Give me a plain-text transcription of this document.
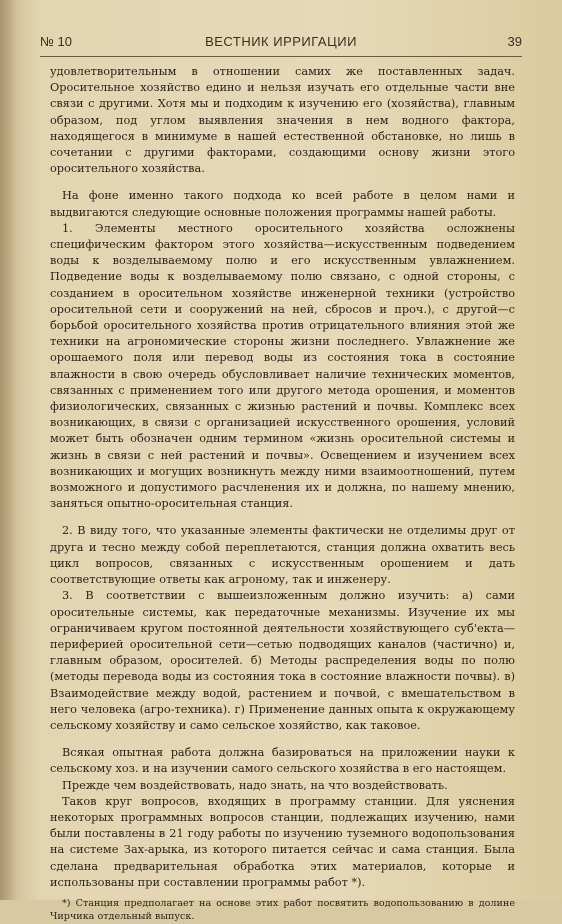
№ 10	ВЕСТНИК ИРРИГАЦИИ	39

удовлетворительным в отношении самих же поставленных задач. Оросительное хозяйство едино и нельзя изучать его отдельные части вне связи с другими. Хотя мы и подходим к изучению его (хозяйства), главным образом, под углом выявления значения в нем водного фактора, находящегося в минимуме в нашей естественной обстановке, но лишь в сочетании с другими факторами, создающими основу жизни этого оросительного хозяйства.

На фоне именно такого подхода ко всей работе в целом нами и выдвигаются следующие основные положения программы нашей работы.

1. Элементы местного оросительного хозяйства осложнены специфическим фактором этого хозяйства—искусственным подведением воды к возделываемому полю и его искусственным увлажнением. Подведение воды к возделываемому полю связано, с одной стороны, с созданием в оросительном хозяйстве инженерной техники (устройство оросительной сети и сооружений на ней, сбросов и проч.), с другой—с борьбой оросительного хозяйства против отрицательного влияния этой же техники на агрономические стороны жизни последнего. Увлажнение же орошаемого поля или перевод воды из состояния тока в состояние влажности в свою очередь обусловливает наличие технических моментов, связанных с применением того или другого метода орошения, и моментов физиологических, связанных с жизнью растений и почвы. Комплекс всех возникающих, в связи с организацией искусственного орошения, условий может быть обозначен одним термином «жизнь оросительной системы и жизнь в связи с ней растений и почвы». Освещением и изучением всех возникающих и могущих возникнуть между ними взаимоотношений, путем возможного и допустимого расчленения их и должна, по нашему мнению, заняться опытно-оросительная станция.

2. В виду того, что указанные элементы фактически не отделимы друг от друга и тесно между собой переплетаются, станция должна охватить весь цикл вопросов, связанных с искусственным орошением и дать соответствующие ответы как агроному, так и инженеру.

3. В соответствии с вышеизложенным должно изучить: а) сами оросительные системы, как передаточные механизмы. Изучение их мы ограничиваем кругом постоянной деятельности хозяйствующего суб'екта—периферией оросительной сети—сетью подводящих каналов (частично) и, главным образом, оросителей. б) Методы распределения воды по полю (методы перевода воды из состояния тока в состояние влажности почвы). в) Взаимодействие между водой, растением и почвой, с вмешательством в него человека (агро-техника). г) Применение данных опыта к окружающему сельскому хозяйству и само сельское хозяйство, как таковое.

Всякая опытная работа должна базироваться на приложении науки к сельскому хоз. и на изучении самого сельского хозяйства в его настоящем.

Прежде чем воздействовать, надо знать, на что воздействовать.

Таков круг вопросов, входящих в программу станции. Для уяснения некоторых программных вопросов станции, подлежащих изучению, нами были поставлены в 21 году работы по изучению туземного водопользования на системе Зах-арыка, из которого питается сейчас и сама станция. Была сделана предварительная обработка этих материалов, которые и использованы при составлении программы работ *).

*) Станция предполагает на основе этих работ посвятить водопользованию в долине Чирчика отдельный выпуск.
